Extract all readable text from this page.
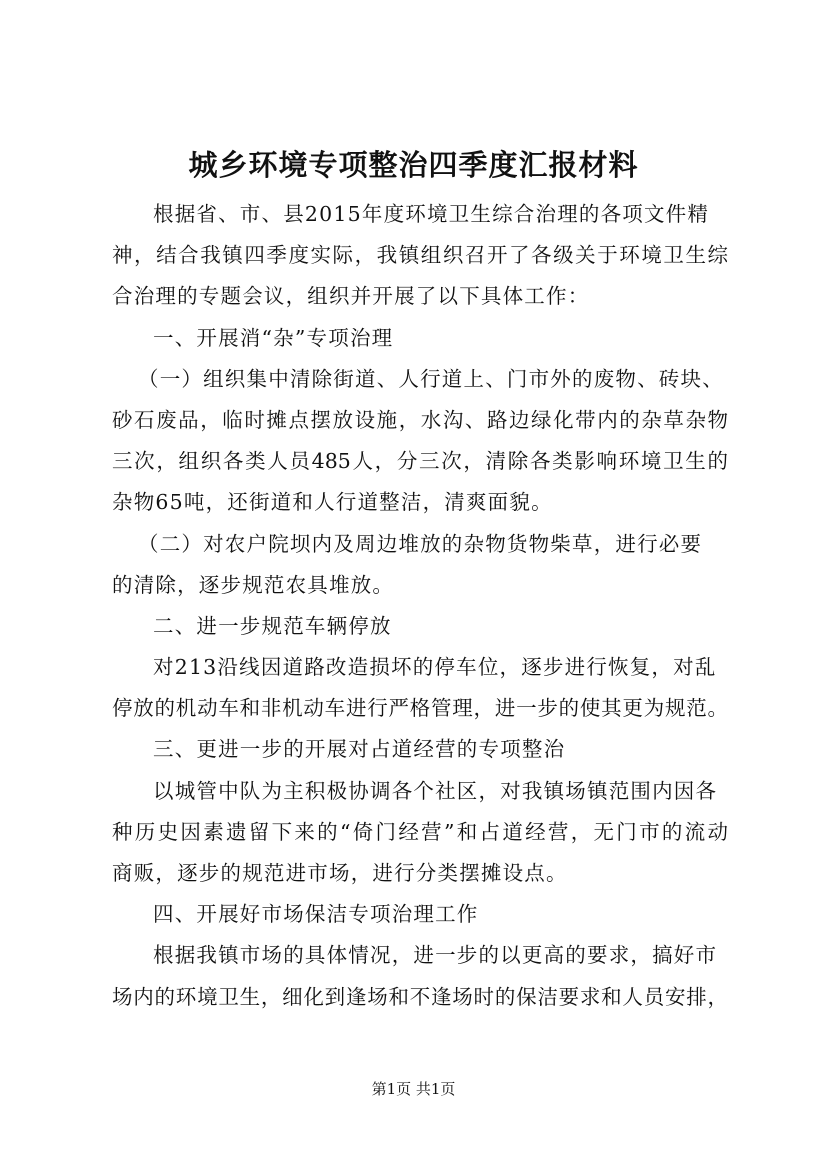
城乡环境专项整治四季度汇报材料
根据省、市、县2015年度环境卫生综合治理的各项文件精
神，结合我镇四季度实际，我镇组织召开了各级关于环境卫生综
合治理的专题会议，组织并开展了以下具体工作：
一、开展消“杂”专项治理
（一）组织集中清除街道、人行道上、门市外的废物、砖块、
砂石废品，临时摊点摆放设施，水沟、路边绿化带内的杂草杂物
三次，组织各类人员485人，分三次，清除各类影响环境卫生的
杂物65吨，还街道和人行道整洁，清爽面貌。
（二）对农户院坝内及周边堆放的杂物货物柴草，进行必要
的清除，逐步规范农具堆放。
二、进一步规范车辆停放
对213沿线因道路改造损坏的停车位，逐步进行恢复，对乱
停放的机动车和非机动车进行严格管理，进一步的使其更为规范。
三、更进一步的开展对占道经营的专项整治
以城管中队为主积极协调各个社区，对我镇场镇范围内因各
种历史因素遗留下来的“倚门经营”和占道经营，无门市的流动
商贩，逐步的规范进市场，进行分类摆摊设点。
四、开展好市场保洁专项治理工作
根据我镇市场的具体情况，进一步的以更高的要求，搞好市
场内的环境卫生，细化到逢场和不逢场时的保洁要求和人员安排，
第1页 共1页
